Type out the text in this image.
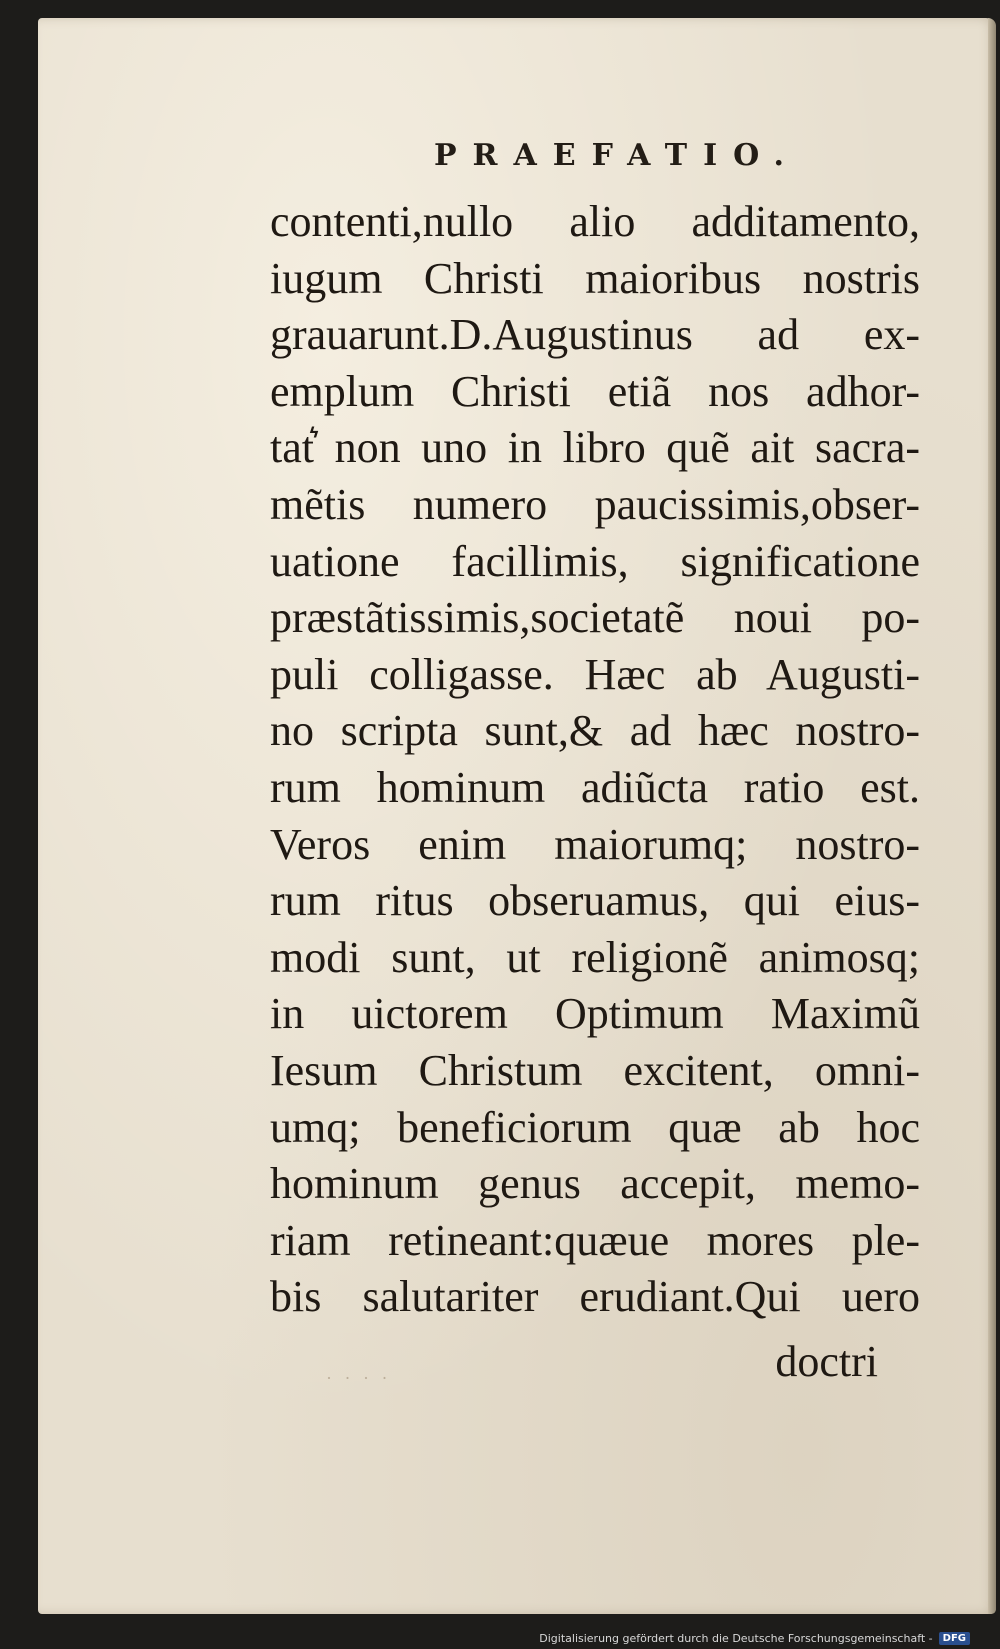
PRAEFATIO.
contenti,nullo alio additamento,
iugum Christi maioribus nostris
grauarunt.D.Augustinus ad ex-
emplum Christi etiã nos adhor-
tat͛ non uno in libro quẽ ait sacra-
mẽtis numero paucissimis,obser-
uatione facillimis, significatione
præstãtissimis,societatẽ noui po-
puli colligasse. Hæc ab Augusti-
no scripta sunt,& ad hæc nostro-
rum hominum adiũcta ratio est.
Veros enim maiorumq; nostro-
rum ritus obseruamus, qui eius-
modi sunt, ut religionẽ animosq;
in uictorem Optimum Maximũ
Iesum Christum excitent, omni-
umq; beneficiorum quæ ab hoc
hominum genus accepit, memo-
riam retineant:quæue mores ple-
bis salutariter erudiant.Qui uero
doctri
· · · ·
Digitalisierung gefördert durch die Deutsche Forschungsgemeinschaft -	DFG
